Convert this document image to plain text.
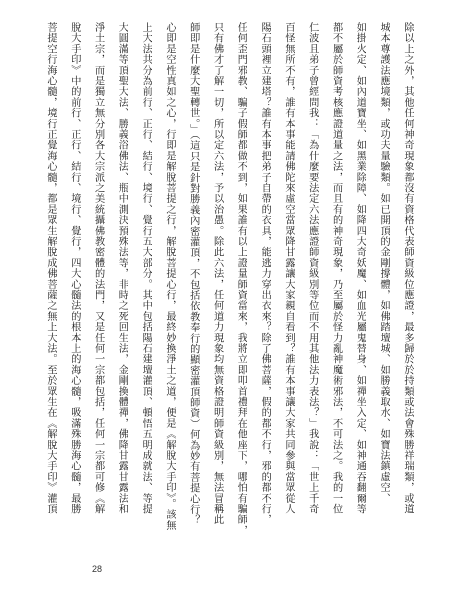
除以上之外，其他任何神奇現象都沒有資格代表師資級位應證，最多歸於於持類或法會殊勝祥瑞類，或道
城本尊護法應境類，或功夫量驗類。如已開頂的金剛撐體，如佛踏壇城、如勝義取水、如寶法鎮虛空、
如掛火定、如內道寶坐、如黑業除障、如降四大奇妖魔、如血光屬鬼替身、如禪坐入定、如神通吞翻爾等
都不屬於師資考核應證道量之法，而且有的神奇現象，乃至屬於怪力亂神魔術邪法，不可法之。我的一位
仁波且弟子曾經問我：「為什麼要法定六法應證師資級別等位而不用其他法力表法？」我說：「世上千奇
百怪無所不有，誰有本事能請佛陀來虛空當眾降甘露讓大家親自看到？誰有本事讓大家共同參與當眾從人
陽石頭裡立建塔？誰有本事把弟子自帶的衣具，能逃力穿出衣來？除了佛菩薩，假的都不行，邪的都不行，
任何歪門邪教、騙子假師都做不到，如果誰有以上證量師資當來，我將立即叩首禮拜在他座下，哪怕有騙師，
只有佛才了解一切，所以定六法，予以治愚。除此六法，任何道力現象均無資格證明師資級別，無法冒稱此
師即是什麼大聖轉世。」（這只是針對勝義內密灌頂，不包括依教奉行的顯密灌頂師資）何為妙有菩提心行？
心即是空性真如之心，行即是解脫菩提之行，解脫菩提心行，最終妙換淨土之道，便是《解脫大手印》。該無
上大法共分為前行、正行、結行、境行、覺行五大部分。其中包括陽石建壇灌頂、頓悟五明成就法、等提
大圓滿等頂聖大法、勝義浴佛法、瓶中測決預殊法等，非時之死回生法，金剛換體禪，佛降甘露甘露法和
淨土宗，而是獨立無分別各大宗派之美統攝佛教密體的法門，又是任何一宗都包括，任何一宗都可修《解
脫大手印》中的前行、正行、結行、境行、覺行，四大心髓法的根本上的海心髓，吸滿殊勝海心髓，最勝
菩提空行海心髓，境行正覺海心髓，都是眾生解脫成佛菩薩之無上大法。至於眾生在《解脫大手印》灌頂
28
